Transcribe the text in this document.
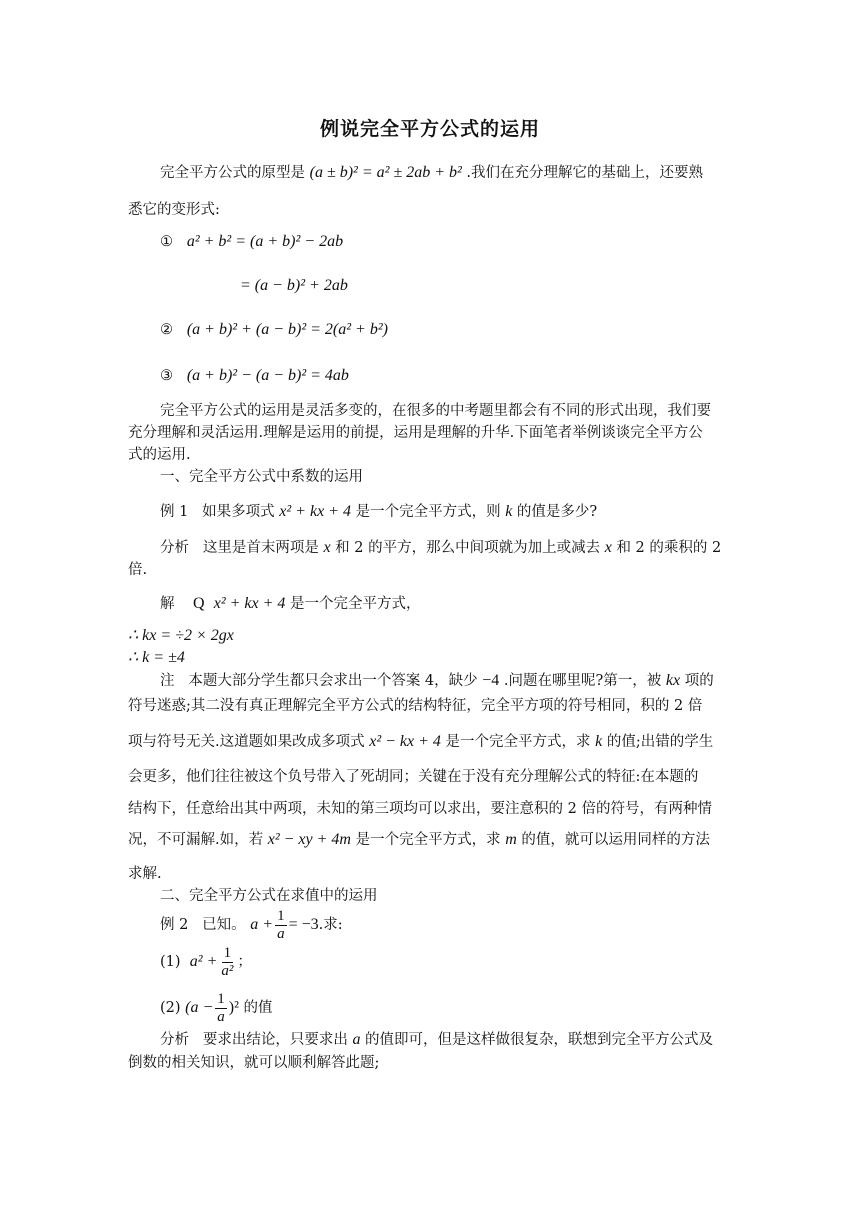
例说完全平方公式的运用
完全平方公式的原型是 (a ± b)² = a² ± 2ab + b² .我们在充分理解它的基础上，还要熟
悉它的变形式:
① a² + b² = (a + b)² − 2ab
= (a − b)² + 2ab
② (a + b)² + (a − b)² = 2(a² + b²)
③ (a + b)² − (a − b)² = 4ab
完全平方公式的运用是灵活多变的，在很多的中考题里都会有不同的形式出现，我们要
充分理解和灵活运用.理解是运用的前提，运用是理解的升华.下面笔者举例谈谈完全平方公
式的运用.
一、完全平方公式中系数的运用
例 1 如果多项式 x² + kx + 4 是一个完全平方式，则 k 的值是多少?
分析 这里是首末两项是 x 和 2 的平方，那么中间项就为加上或减去 x 和 2 的乘积的 2
倍.
解 Q x² + kx + 4 是一个完全平方式，
∴ kx = ÷2 × 2gx
∴ k = ±4
注 本题大部分学生都只会求出一个答案 4，缺少 −4 .问题在哪里呢?第一，被 kx 项的
符号迷惑;其二没有真正理解完全平方公式的结构特征，完全平方项的符号相同，积的 2 倍
项与符号无关.这道题如果改成多项式 x² − kx + 4 是一个完全平方式，求 k 的值;出错的学生
会更多，他们往往被这个负号带入了死胡同；关键在于没有充分理解公式的特征:在本题的
结构下，任意给出其中两项，未知的第三项均可以求出，要注意积的 2 倍的符号，有两种情
况，不可漏解.如，若 x² − xy + 4m 是一个完全平方式，求 m 的值，就可以运用同样的方法
求解.
二、完全平方公式在求值中的运用
例 2 已知。 $a + \frac{1}{a} = -3$.求:
(1) $a^2 + \frac{1}{\text{a²}}$ ；
(2) $(a - \frac{1}{a} )^2$ 的值
分析 要求出结论，只要求出 a 的值即可，但是这样做很复杂，联想到完全平方公式及
倒数的相关知识，就可以顺利解答此题;
